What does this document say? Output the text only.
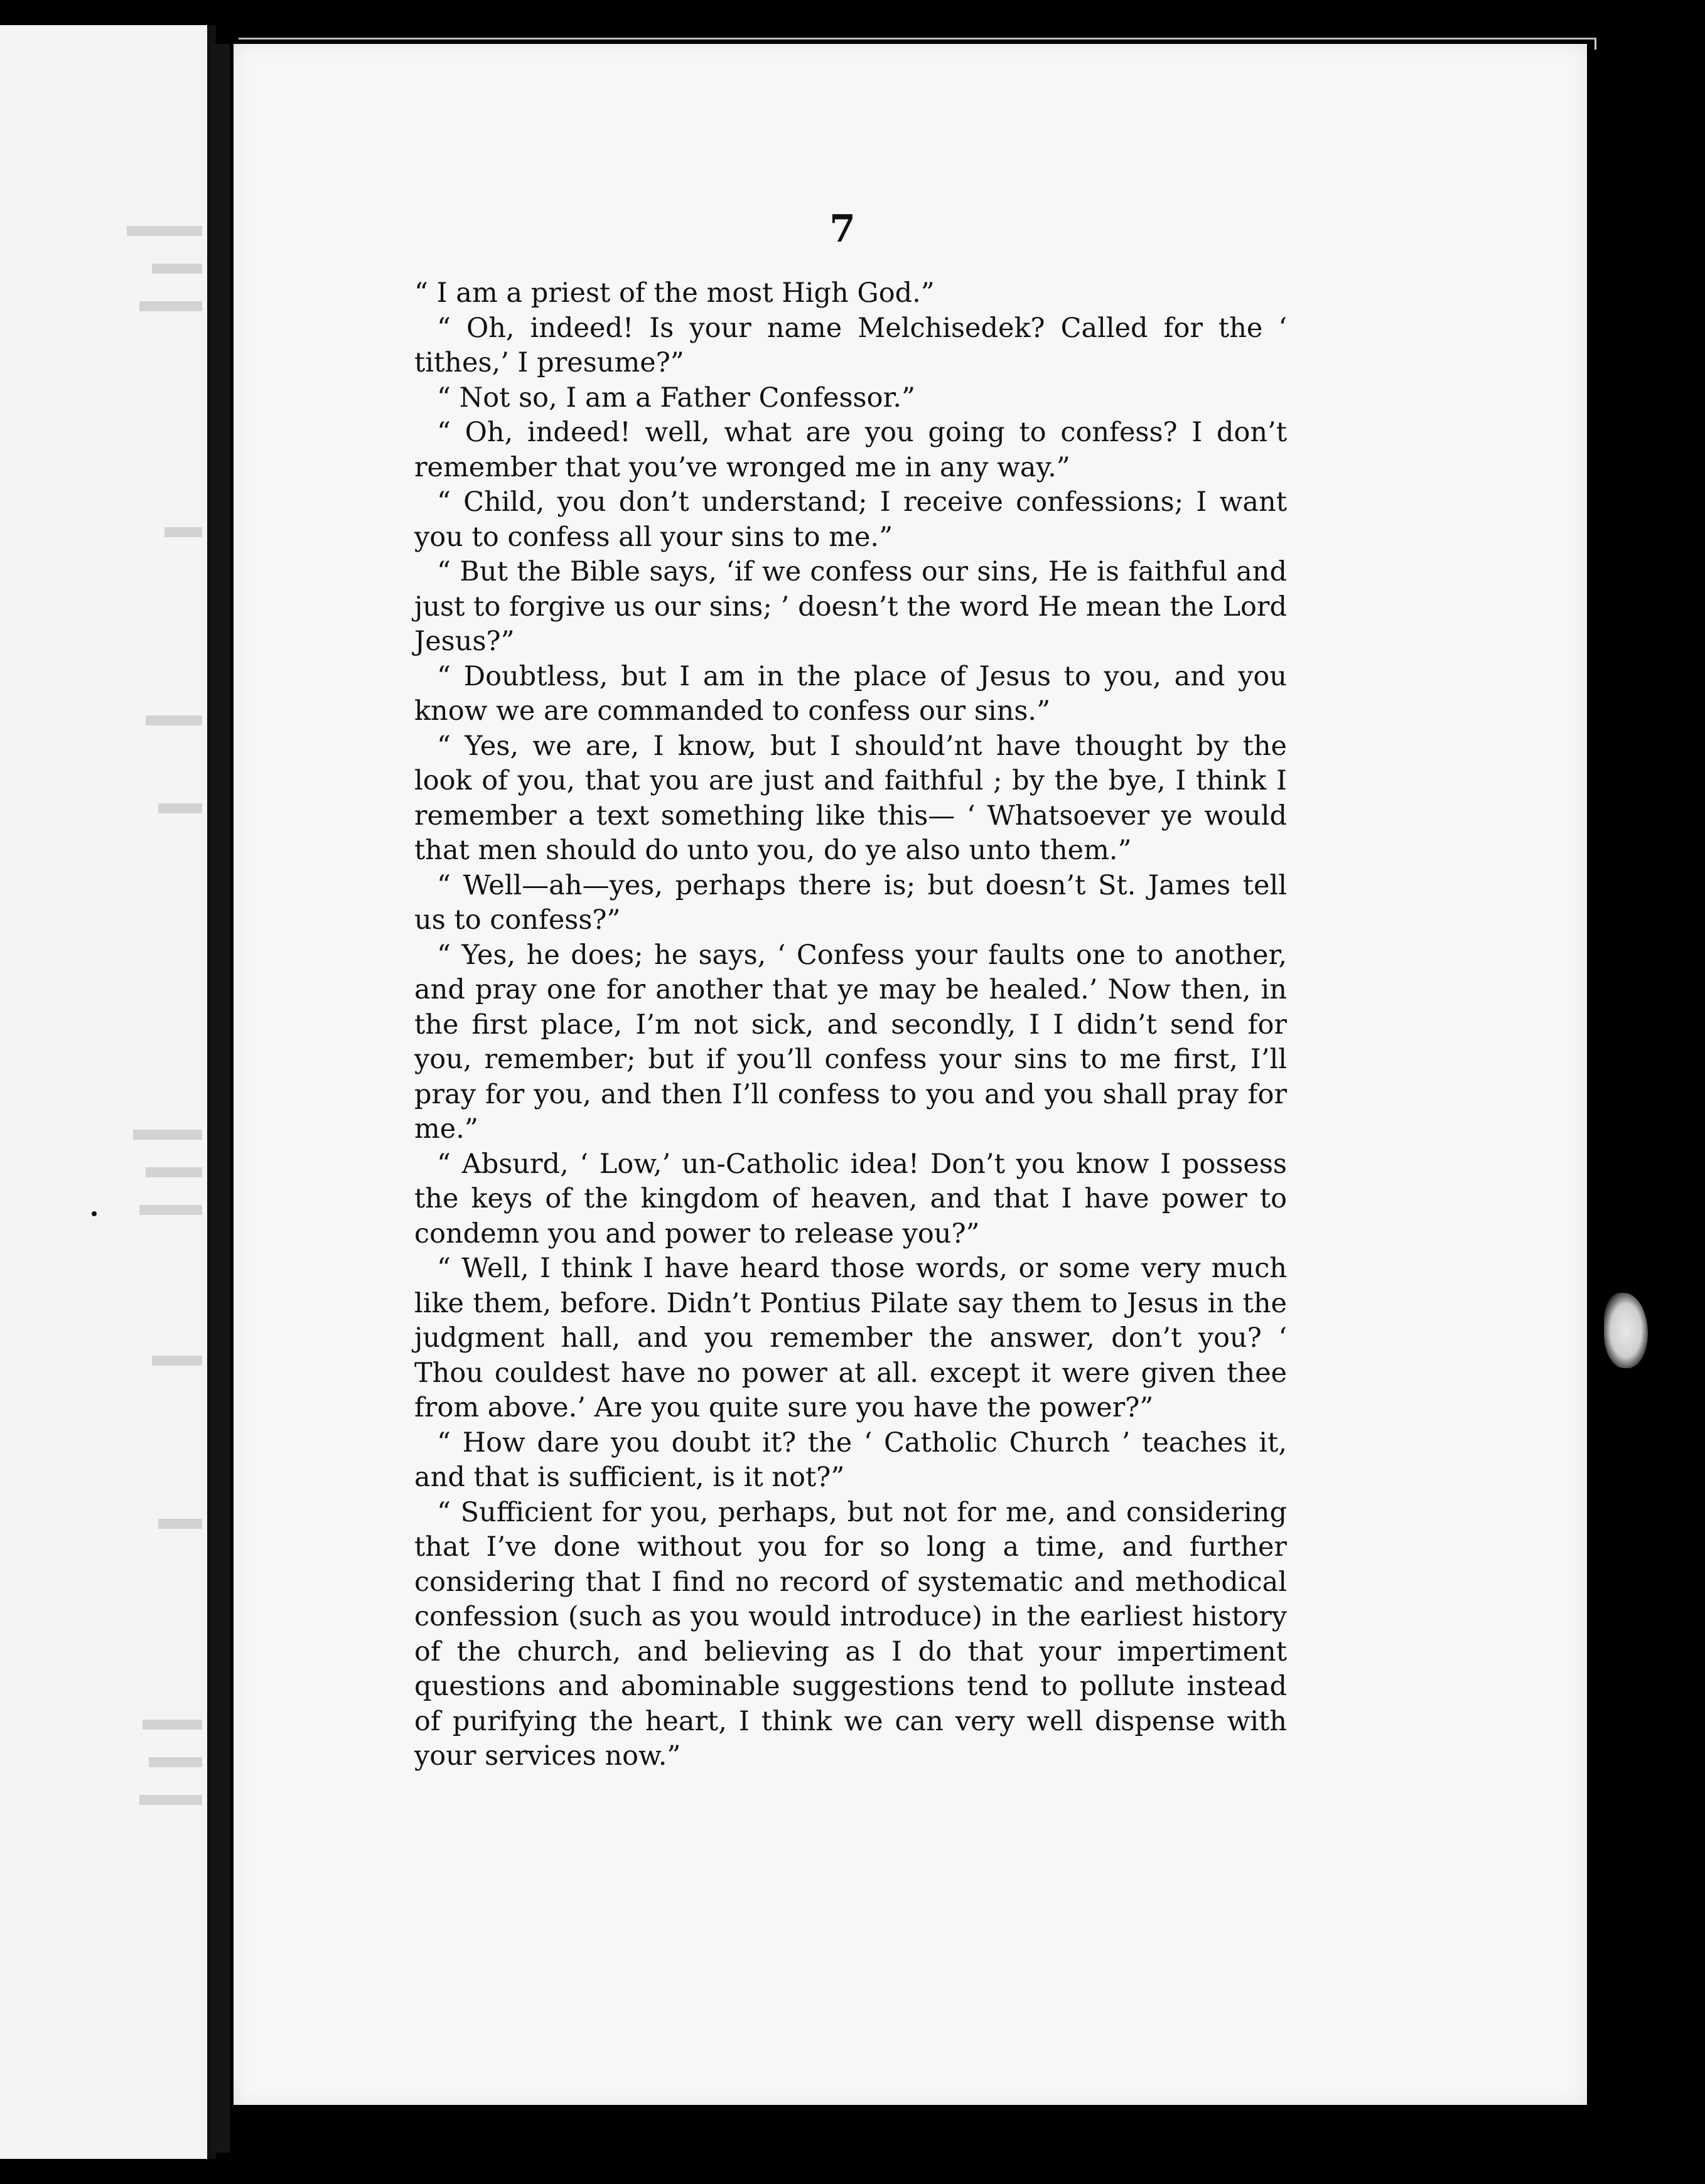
7

“ I am a priest of the most High God.”

“ Oh, indeed! Is your name Melchisedek? Called for the ‘ tithes,’ I presume?”

“ Not so, I am a Father Confessor.”

“ Oh, indeed! well, what are you going to confess? I don’t remember that you’ve wronged me in any way.”

“ Child, you don’t understand; I receive confessions; I want you to confess all your sins to me.”

“ But the Bible says, ‘if we confess our sins, He is faithful and just to forgive us our sins; ’ doesn’t the word He mean the Lord Jesus?”

“ Doubtless, but I am in the place of Jesus to you, and you know we are commanded to confess our sins.”

“ Yes, we are, I know, but I should’nt have thought by the look of you, that you are just and faithful ; by the bye, I think I remember a text something like this— ‘ Whatsoever ye would that men should do unto you, do ye also unto them.”

“ Well—ah—yes, perhaps there is; but doesn’t St. James tell us to confess?”

“ Yes, he does; he says, ‘ Confess your faults one to another, and pray one for another that ye may be healed.’ Now then, in the first place, I’m not sick, and secondly, I I didn’t send for you, remember; but if you’ll confess your sins to me first, I’ll pray for you, and then I’ll confess to you and you shall pray for me.”

“ Absurd, ‘ Low,’ un-Catholic idea! Don’t you know I possess the keys of the kingdom of heaven, and that I have power to condemn you and power to release you?”

“ Well, I think I have heard those words, or some very much like them, before. Didn’t Pontius Pilate say them to Jesus in the judgment hall, and you remember the answer, don’t you? ‘ Thou couldest have no power at all. except it were given thee from above.’ Are you quite sure you have the power?”

“ How dare you doubt it? the ‘ Catholic Church ’ teaches it, and that is sufficient, is it not?”

“ Sufficient for you, perhaps, but not for me, and considering that I’ve done without you for so long a time, and further considering that I find no record of systematic and methodical confession (such as you would introduce) in the earliest history of the church, and believing as I do that your impertiment questions and abominable suggestions tend to pollute instead of purifying the heart, I think we can very well dispense with your services now.”
